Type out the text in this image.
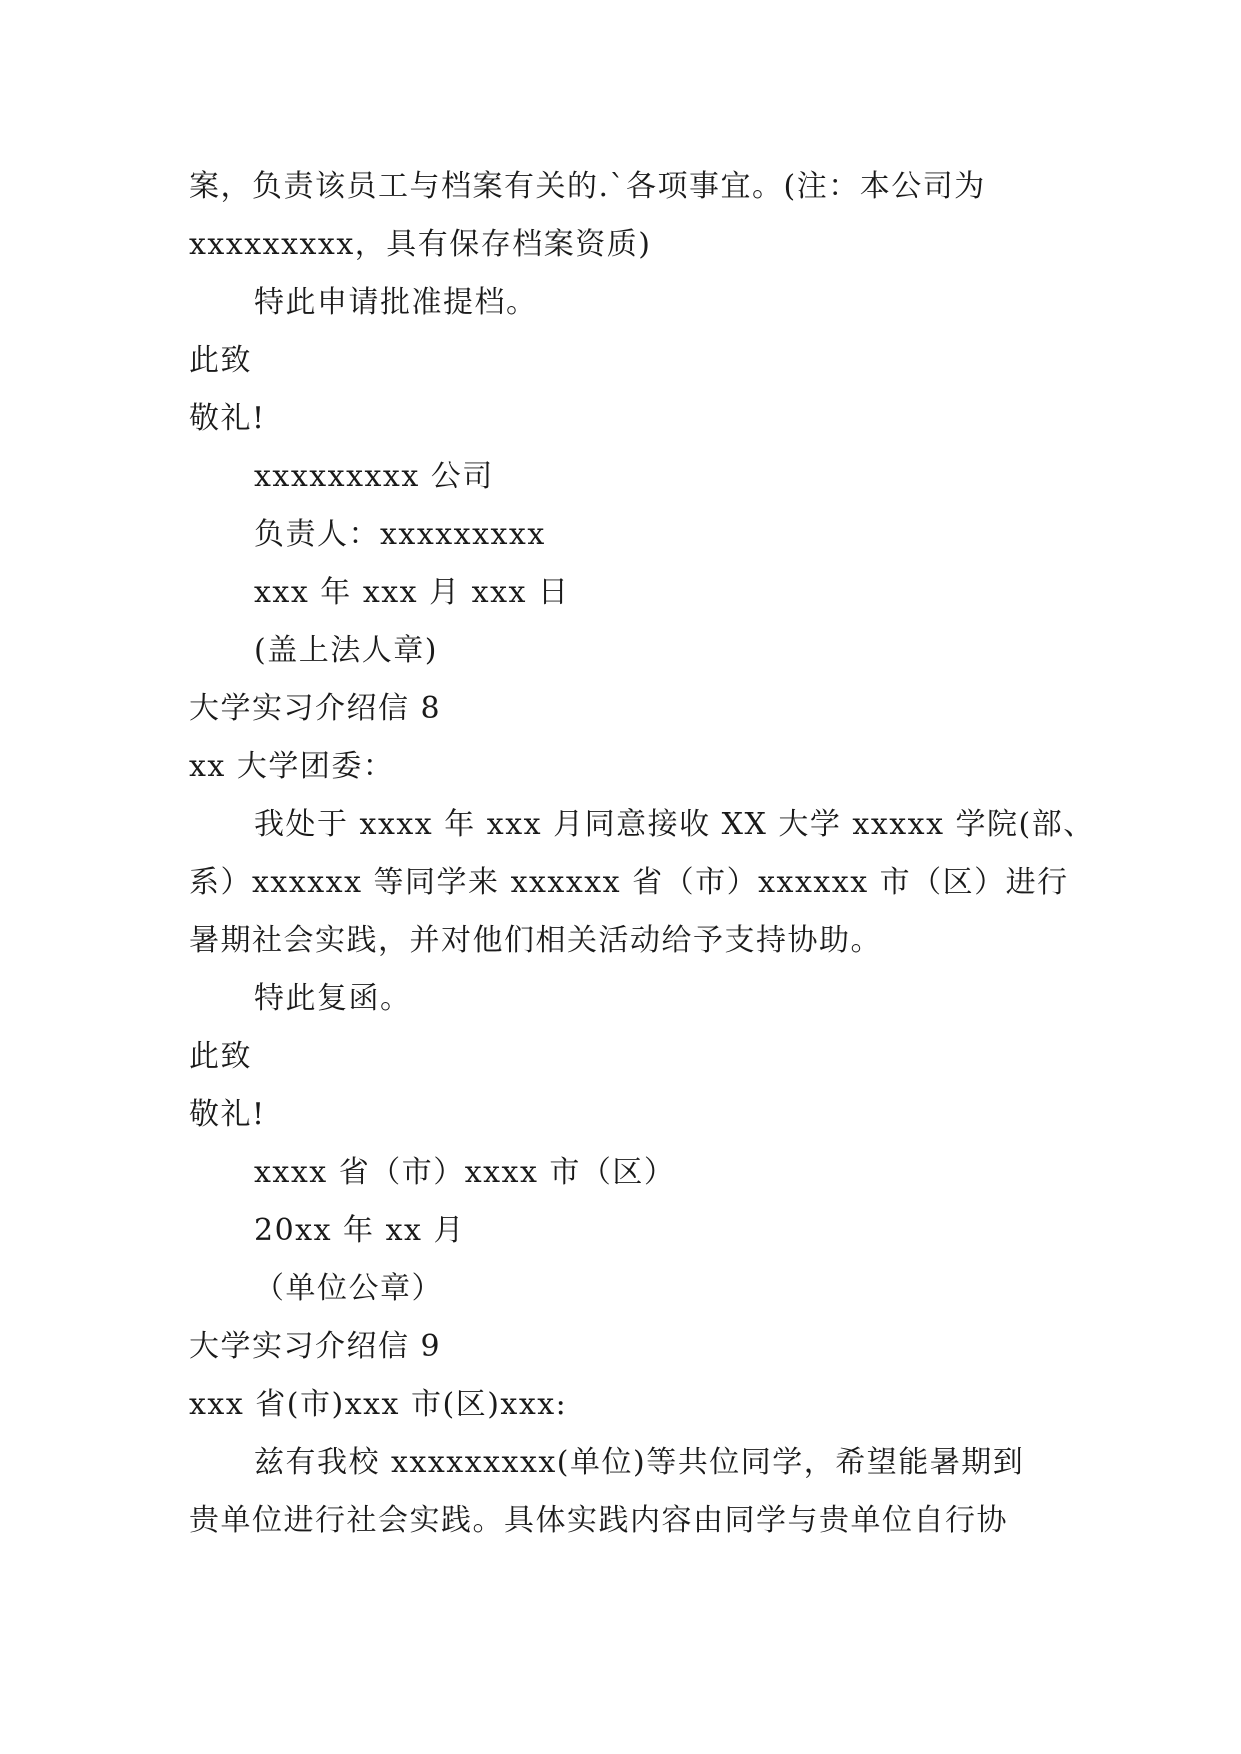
案，负责该员工与档案有关的.`各项事宜。(注：本公司为
xxxxxxxxx，具有保存档案资质)
特此申请批准提档。
此致
敬礼!
xxxxxxxxx 公司
负责人：xxxxxxxxx
xxx 年 xxx 月 xxx 日
(盖上法人章)
大学实习介绍信 8
xx 大学团委：
我处于 xxxx 年 xxx 月同意接收 XX 大学 xxxxx 学院(部、
系）xxxxxx 等同学来 xxxxxx 省（市）xxxxxx 市（区）进行
暑期社会实践，并对他们相关活动给予支持协助。
特此复函。
此致
敬礼!
xxxx 省（市）xxxx 市（区）
20xx 年 xx 月
（单位公章）
大学实习介绍信 9
xxx 省(市)xxx 市(区)xxx:
兹有我校 xxxxxxxxx(单位)等共位同学，希望能暑期到
贵单位进行社会实践。具体实践内容由同学与贵单位自行协
